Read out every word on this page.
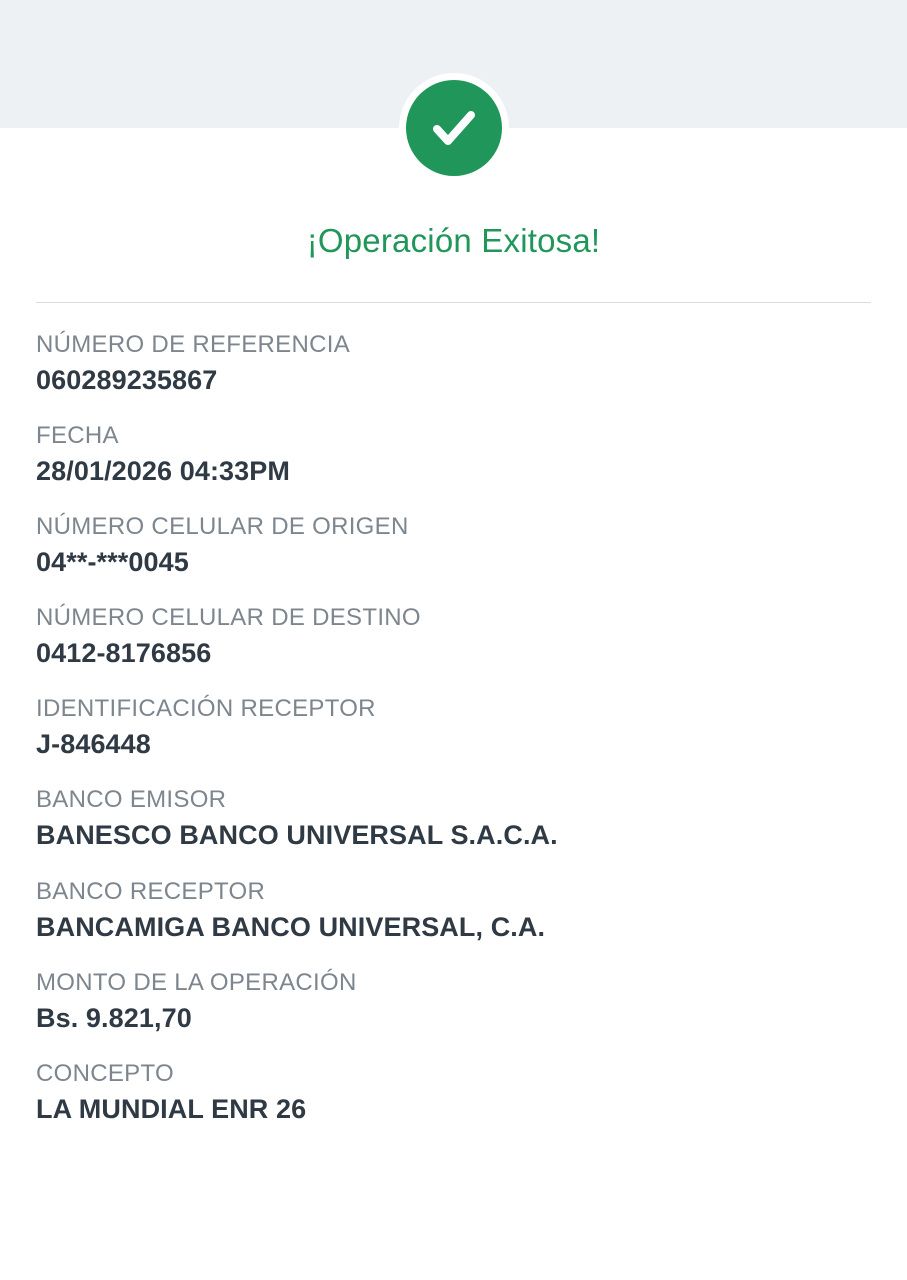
¡Operación Exitosa!
NÚMERO DE REFERENCIA
060289235867
FECHA
28/01/2026 04:33PM
NÚMERO CELULAR DE ORIGEN
04**-***0045
NÚMERO CELULAR DE DESTINO
0412-8176856
IDENTIFICACIÓN RECEPTOR
J-846448
BANCO EMISOR
BANESCO BANCO UNIVERSAL S.A.C.A.
BANCO RECEPTOR
BANCAMIGA BANCO UNIVERSAL, C.A.
MONTO DE LA OPERACIÓN
Bs. 9.821,70
CONCEPTO
LA MUNDIAL ENR 26
